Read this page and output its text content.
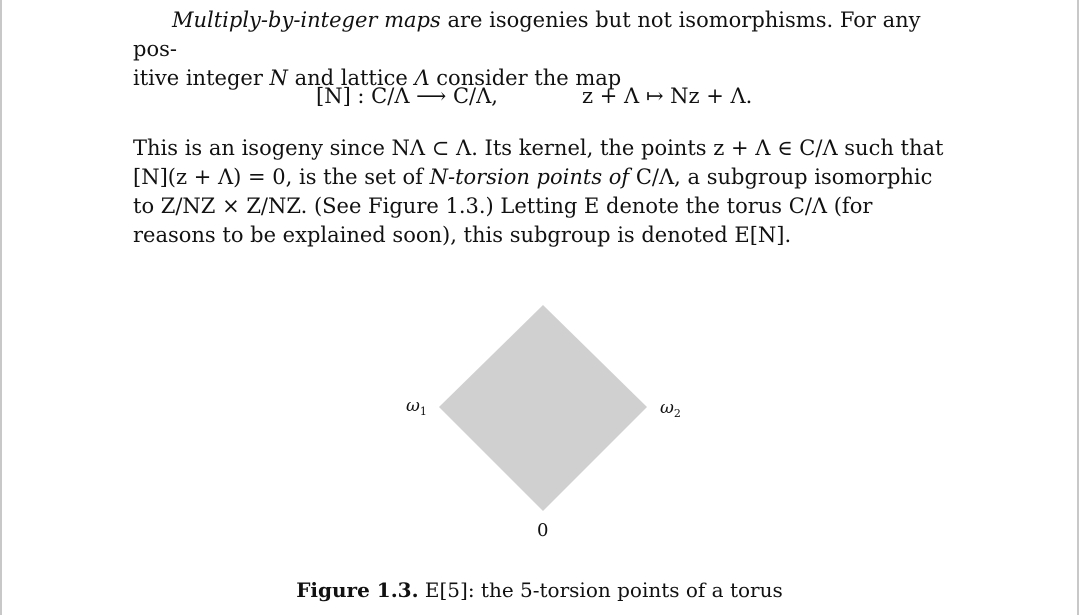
Multiply-by-integer maps are isogenies but not isomorphisms. For any pos-
itive integer N and lattice Λ consider the map

[N] : C/Λ ⟶ C/Λ,	z + Λ ↦ Nz + Λ.

This is an isogeny since NΛ ⊂ Λ. Its kernel, the points z + Λ ∈ C/Λ such that
[N](z + Λ) = 0, is the set of N-torsion points of C/Λ, a subgroup isomorphic
to Z/NZ × Z/NZ. (See Figure 1.3.) Letting E denote the torus C/Λ (for
reasons to be explained soon), this subgroup is denoted E[N].

$\omega_1$	$\omega_2$
0
Figure 1.3. E[5]: the 5-torsion points of a torus
